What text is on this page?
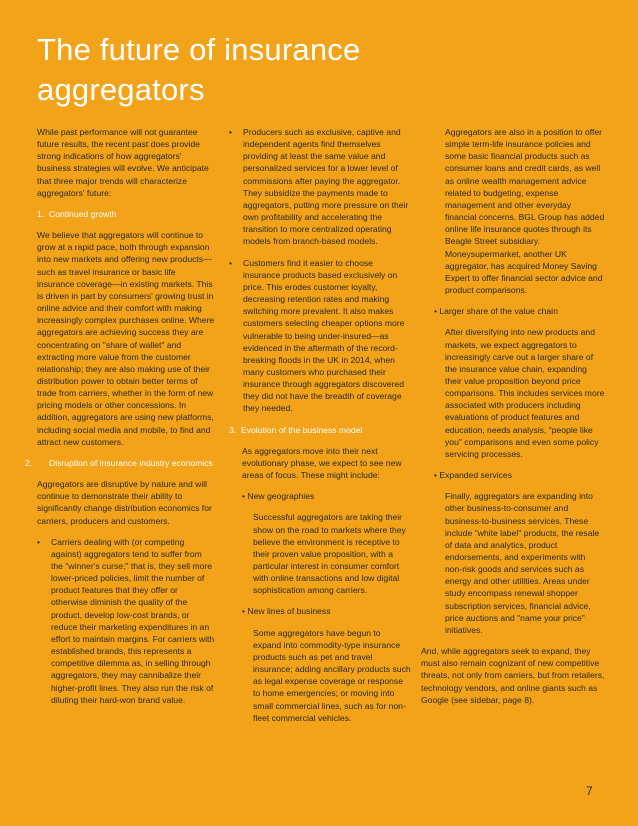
The future of insurance aggregators

While past performance will not guarantee future results, the recent past does provide strong indications of how aggregators' business strategies will evolve. We anticipate that three major trends will characterize aggregators' future:

1. Continued growth

We believe that aggregators will continue to grow at a rapid pace, both through expansion into new markets and offering new products—such as travel insurance or basic life insurance coverage—in existing markets. This is driven in part by consumers' growing trust in online advice and their comfort with making increasingly complex purchases online. Where aggregators are achieving success they are concentrating on "share of wallet" and extracting more value from the customer relationship; they are also making use of their distribution power to obtain better terms of trade from carriers, whether in the form of new pricing models or other concessions. In addition, aggregators are using new platforms, including social media and mobile, to find and attract new customers.

2. Disruption of insurance industry economics

Aggregators are disruptive by nature and will continue to demonstrate their ability to significantly change distribution economics for carriers, producers and customers.

• Carriers dealing with (or competing against) aggregators tend to suffer from the "winner's curse;" that is, they sell more lower-priced policies, limit the number of product features that they offer or otherwise diminish the quality of the product, develop low-cost brands, or reduce their marketing expenditures in an effort to maintain margins. For carriers with established brands, this represents a competitive dilemma as, in selling through aggregators, they may cannibalize their higher-profit lines. They also run the risk of diluting their hard-won brand value.
• Producers such as exclusive, captive and independent agents find themselves providing at least the same value and personalized services for a lower level of commissions after paying the aggregator. They subsidize the payments made to aggregators, putting more pressure on their own profitability and accelerating the transition to more centralized operating models from branch-based models.
• Customers find it easier to choose insurance products based exclusively on price. This erodes customer loyalty, decreasing retention rates and making switching more prevalent. It also makes customers selecting cheaper options more vulnerable to being under-insured—as evidenced in the aftermath of the record-breaking floods in the UK in 2014, when many customers who purchased their insurance through aggregators discovered they did not have the breadth of coverage they needed.

3. Evolution of the business model

As aggregators move into their next evolutionary phase, we expect to see new areas of focus. These might include:

• New geographies

Successful aggregators are taking their show on the road to markets where they believe the environment is receptive to their proven value proposition, with a particular interest in consumer comfort with online transactions and low digital sophistication among carriers.

• New lines of business

Some aggregators have begun to expand into commodity-type insurance products such as pet and travel insurance; adding ancillary products such as legal expense coverage or response to home emergencies; or moving into small commercial lines, such as for non-fleet commercial vehicles.

Aggregators are also in a position to offer simple term-life insurance policies and some basic financial products such as consumer loans and credit cards, as well as online wealth management advice related to budgeting, expense management and other everyday financial concerns. BGL Group has added online life insurance quotes through its Beagle Street subsidiary. Moneysupermarket, another UK aggregator, has acquired Money Saving Expert to offer financial sector advice and product comparisons.

• Larger share of the value chain

After diversifying into new products and markets, we expect aggregators to increasingly carve out a larger share of the insurance value chain, expanding their value proposition beyond price comparisons. This includes services more associated with producers including evaluations of product features and education, needs analysis, "people like you" comparisons and even some policy servicing processes.

• Expanded services

Finally, aggregators are expanding into other business-to-consumer and business-to-business services. These include "white label" products, the resale of data and analytics, product endorsements, and experiments with non-risk goods and services such as energy and other utilities. Areas under study encompass renewal shopper subscription services, financial advice, price auctions and "name your price" initiatives.

And, while aggregators seek to expand, they must also remain cognizant of new competitive threats, not only from carriers, but from retailers, technology vendors, and online giants such as Google (see sidebar, page 8).

7
